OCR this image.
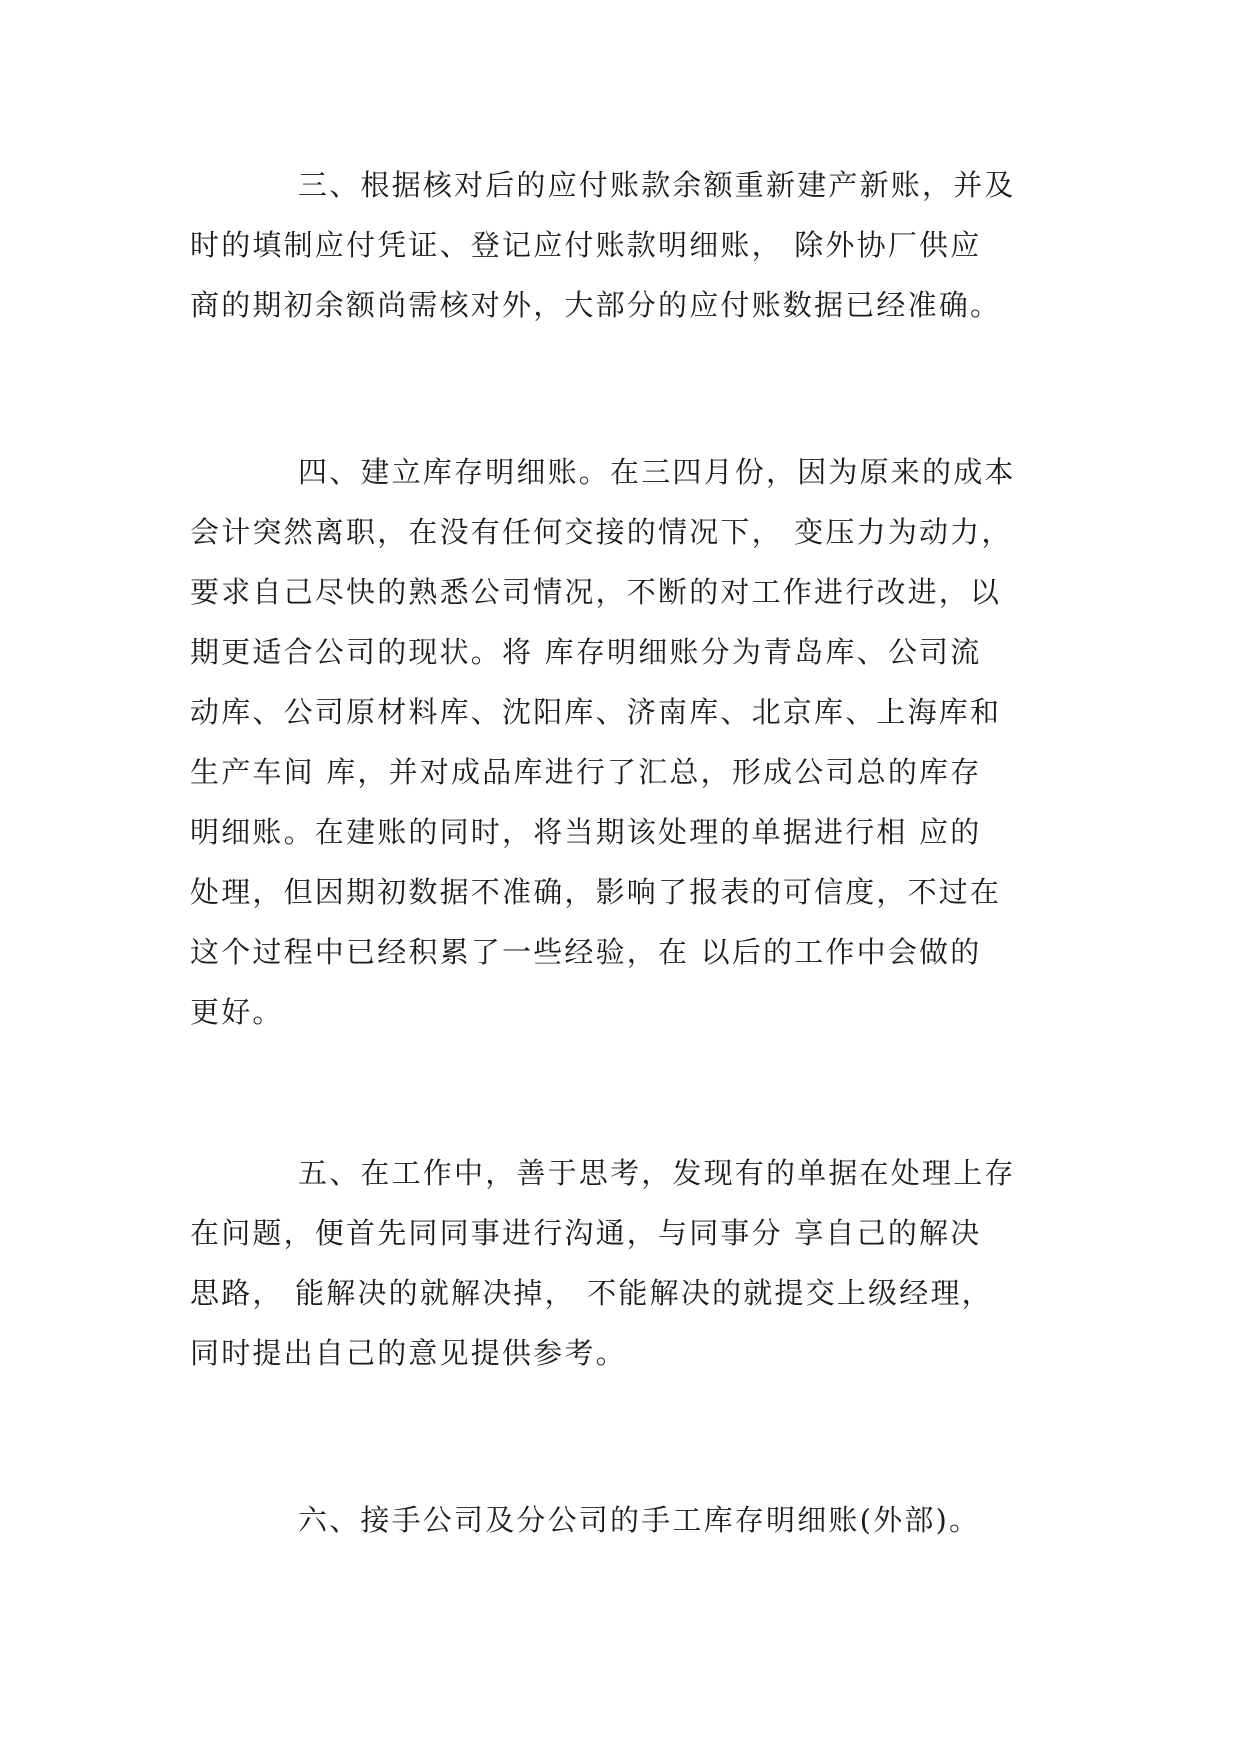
三、根据核对后的应付账款余额重新建产新账，并及
时的填制应付凭证、登记应付账款明细账， 除外协厂供应
商的期初余额尚需核对外，大部分的应付账数据已经准确。
四、建立库存明细账。在三四月份，因为原来的成本
会计突然离职，在没有任何交接的情况下， 变压力为动力，
要求自己尽快的熟悉公司情况，不断的对工作进行改进，以
期更适合公司的现状。将 库存明细账分为青岛库、公司流
动库、公司原材料库、沈阳库、济南库、北京库、上海库和
生产车间 库，并对成品库进行了汇总，形成公司总的库存
明细账。在建账的同时，将当期该处理的单据进行相 应的
处理，但因期初数据不准确，影响了报表的可信度，不过在
这个过程中已经积累了一些经验，在 以后的工作中会做的
更好。
五、在工作中，善于思考，发现有的单据在处理上存
在问题，便首先同同事进行沟通，与同事分 享自己的解决
思路， 能解决的就解决掉， 不能解决的就提交上级经理，
同时提出自己的意见提供参考。
六、接手公司及分公司的手工库存明细账(外部)。
